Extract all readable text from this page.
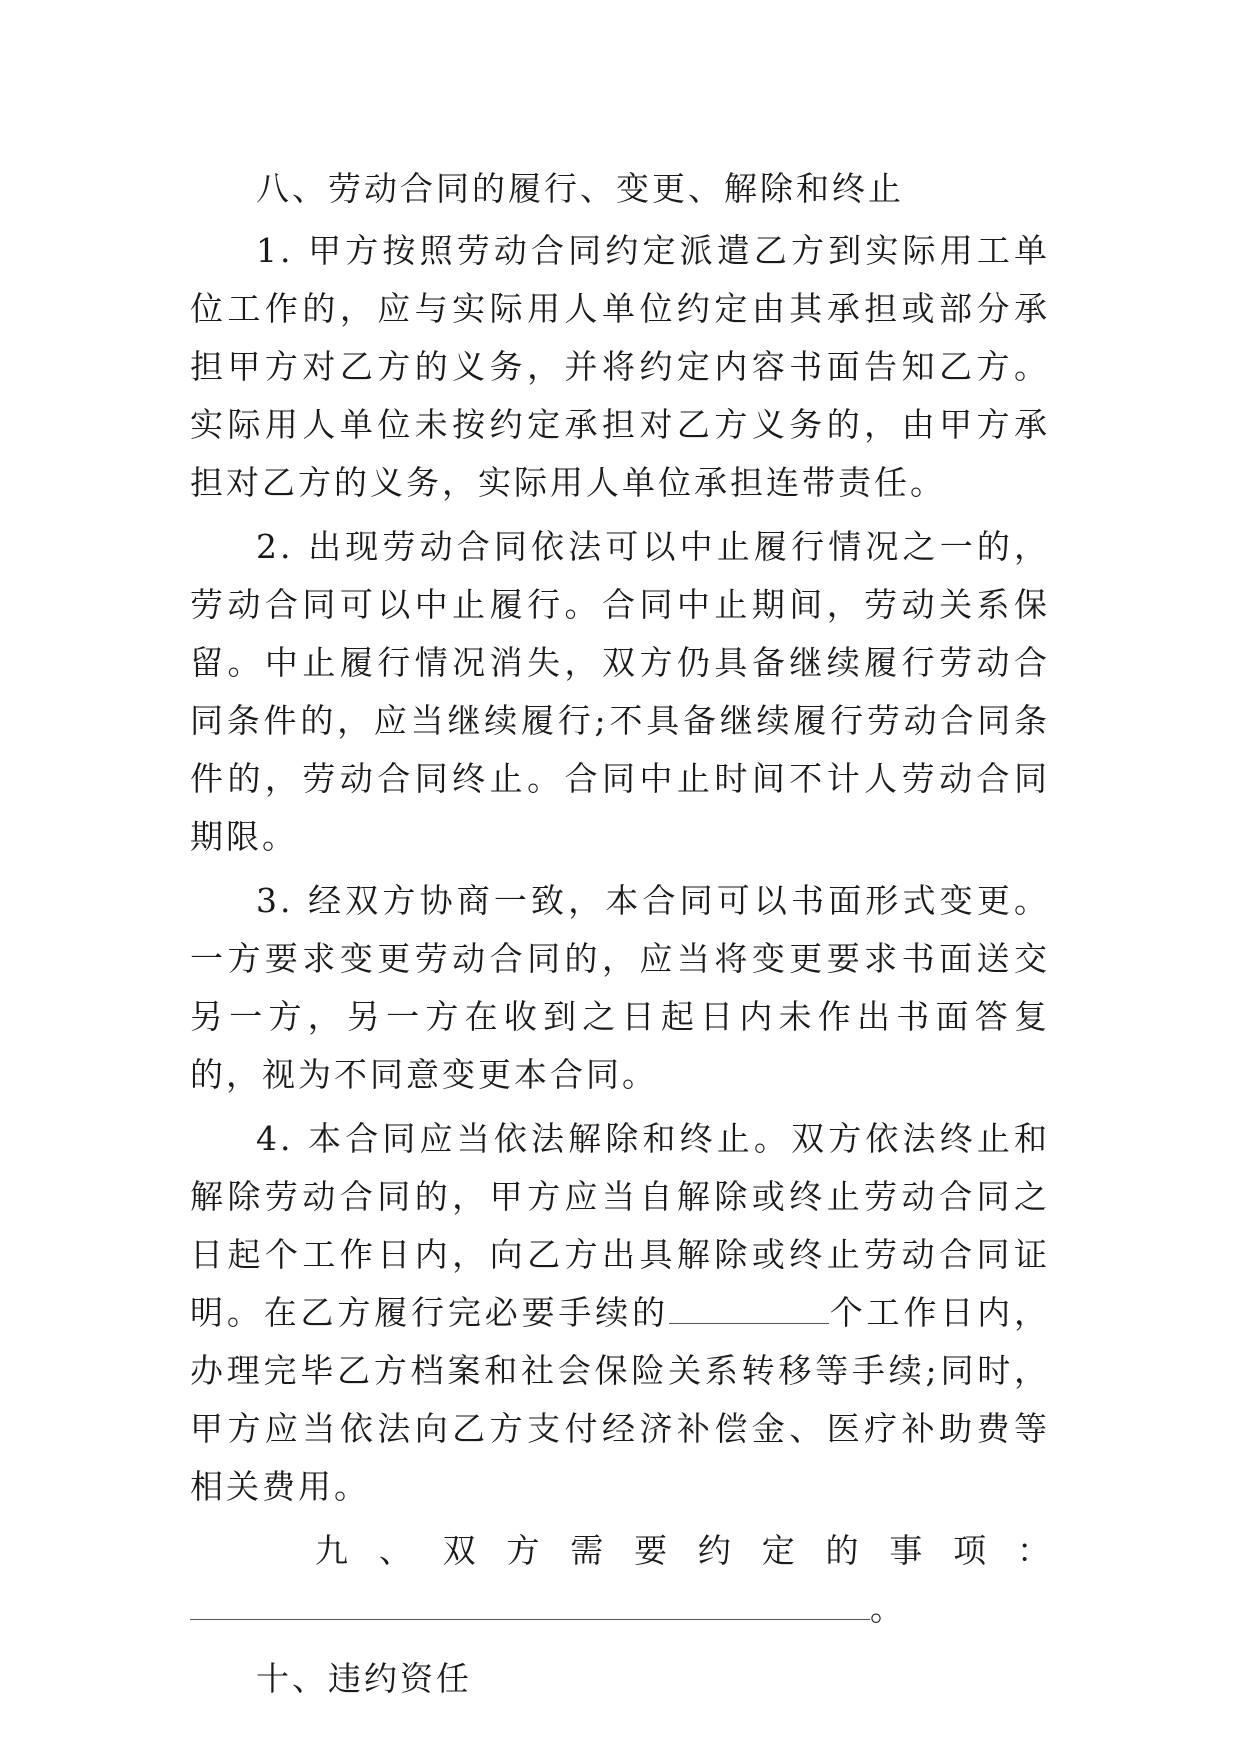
八、劳动合同的履行、变更、解除和终止

1. 甲方按照劳动合同约定派遣乙方到实际用工单位工作的，应与实际用人单位约定由其承担或部分承担甲方对乙方的义务，并将约定内容书面告知乙方。实际用人单位未按约定承担对乙方义务的，由甲方承担对乙方的义务，实际用人单位承担连带责任。

2. 出现劳动合同依法可以中止履行情况之一的，劳动合同可以中止履行。合同中止期间，劳动关系保留。中止履行情况消失，双方仍具备继续履行劳动合同条件的，应当继续履行;不具备继续履行劳动合同条件的，劳动合同终止。合同中止时间不计人劳动合同期限。

3. 经双方协商一致，本合同可以书面形式变更。一方要求变更劳动合同的，应当将变更要求书面送交另一方，另一方在收到之日起日内未作出书面答复的，视为不同意变更本合同。

4. 本合同应当依法解除和终止。双方依法终止和解除劳动合同的，甲方应当自解除或终止劳动合同之日起个工作日内，向乙方出具解除或终止劳动合同证明。在乙方履行完必要手续的	个工作日内，办理完毕乙方档案和社会保险关系转移等手续;同时，甲方应当依法向乙方支付经济补偿金、医疗补助费等相关费用。

九 、 双 方 需 要 约 定 的 事 项 ：

。

十、违约资任
